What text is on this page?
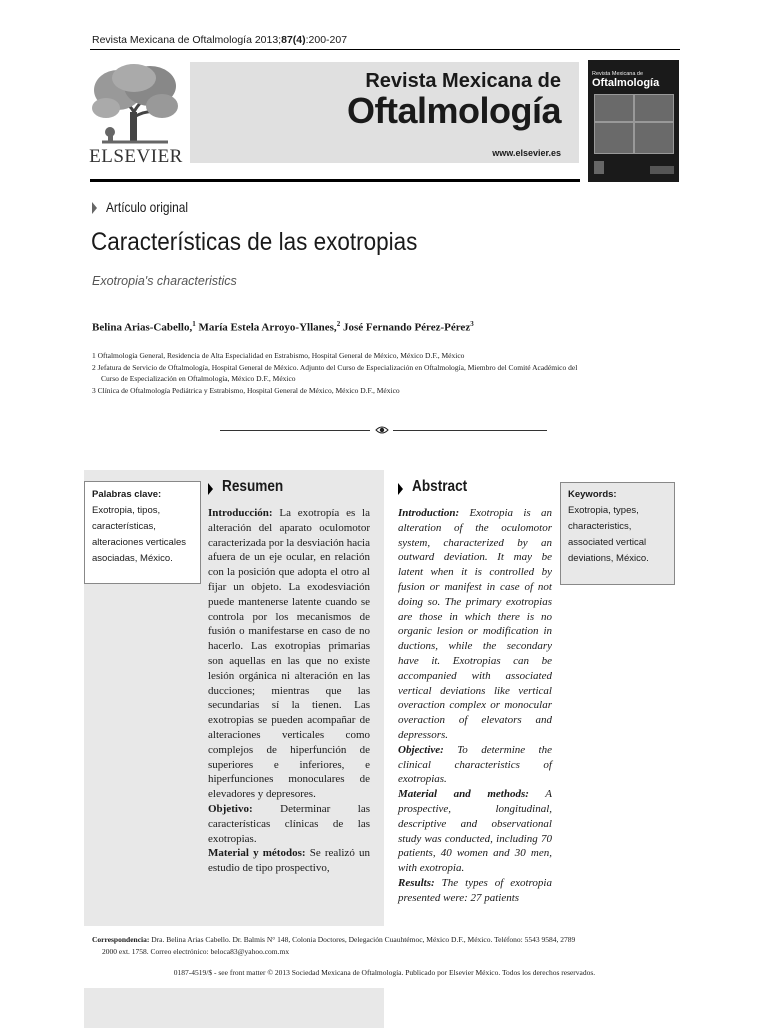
Revista Mexicana de Oftalmología 2013;87(4):200-207
ELSEVIER
Revista Mexicana de
Oftalmología
www.elsevier.es
Revista Mexicana de
Oftalmología
Artículo original
Características de las exotropias
Exotropia's characteristics
Belina Arias-Cabello,$^1$ María Estela Arroyo-Yllanes,$^2$ José Fernando Pérez-Pérez$^3$
1 Oftalmología General, Residencia de Alta Especialidad en Estrabismo, Hospital General de México, México D.F., México
2 Jefatura de Servicio de Oftalmología, Hospital General de México. Adjunto del Curso de Especialización en Oftalmología, Miembro del Comité Académico del
Curso de Especialización en Oftalmología, México D.F., México
3 Clínica de Oftalmología Pediátrica y Estrabismo, Hospital General de México, México D.F., México
Palabras clave:
Exotropia, tipos, características, alteraciones verticales asociadas, México.
Keywords:
Exotropia, types, characteristics, associated vertical deviations, México.
Resumen
Introducción: La exotropía es la alteración del aparato oculomotor caracterizada por la desviación hacia afuera de un eje ocular, en relación con la posición que adopta el otro al fijar un objeto. La exodesviación puede mantenerse latente cuando se controla por los mecanismos de fusión o manifestarse en caso de no hacerlo. Las exotropias primarias son aquellas en las que no existe lesión orgánica ni alteración en las ducciones; mientras que las secundarias sí la tienen. Las exotropias se pueden acompañar de alteraciones verticales como complejos de hiperfunción de superiores e inferiores, e hiperfunciones monoculares de elevadores y depresores.
Objetivo: Determinar las características clínicas de las exotropias.
Material y métodos: Se realizó un estudio de tipo prospectivo,
Abstract
Introduction: Exotropia is an alteration of the oculomotor system, characterized by an outward deviation. It may be latent when it is controlled by fusion or manifest in case of not doing so. The primary exotropias are those in which there is no organic lesion or modification in ductions, while the secondary have it. Exotropias can be accompanied with associated vertical deviations like vertical overaction complex or monocular overaction of elevators and depressors.
Objective: To determine the clinical characteristics of exotropias.
Material and methods: A prospective, longitudinal, descriptive and observational study was conducted, including 70 patients, 40 women and 30 men, with exotropia.
Results: The types of exotropia presented were: 27 patients
Correspondencia: Dra. Belina Arias Cabello. Dr. Balmis N° 148, Colonia Doctores, Delegación Cuauhtémoc, México D.F., México. Teléfono: 5543 9584, 2789
2000 ext. 1758. Correo electrónico: beloca83@yahoo.com.mx
0187-4519/$ - see front matter © 2013 Sociedad Mexicana de Oftalmología. Publicado por Elsevier México. Todos los derechos reservados.
